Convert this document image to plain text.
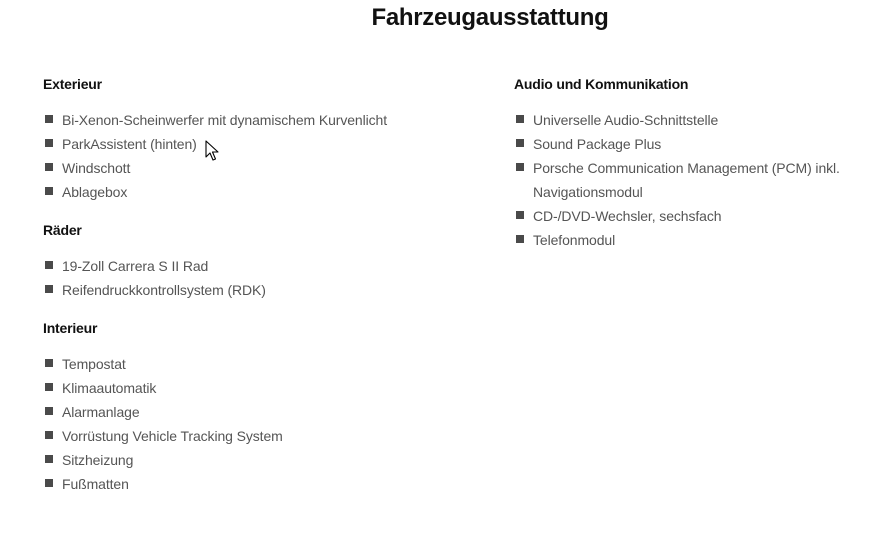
Fahrzeugausstattung
Exterieur
Bi-Xenon-Scheinwerfer mit dynamischem Kurvenlicht
ParkAssistent (hinten)
Windschott
Ablagebox
Räder
19-Zoll Carrera S II Rad
Reifendruckkontrollsystem (RDK)
Interieur
Tempostat
Klimaautomatik
Alarmanlage
Vorrüstung Vehicle Tracking System
Sitzheizung
Fußmatten
Audio und Kommunikation
Universelle Audio-Schnittstelle
Sound Package Plus
Porsche Communication Management (PCM) inkl. Navigationsmodul
CD-/DVD-Wechsler, sechsfach
Telefonmodul
